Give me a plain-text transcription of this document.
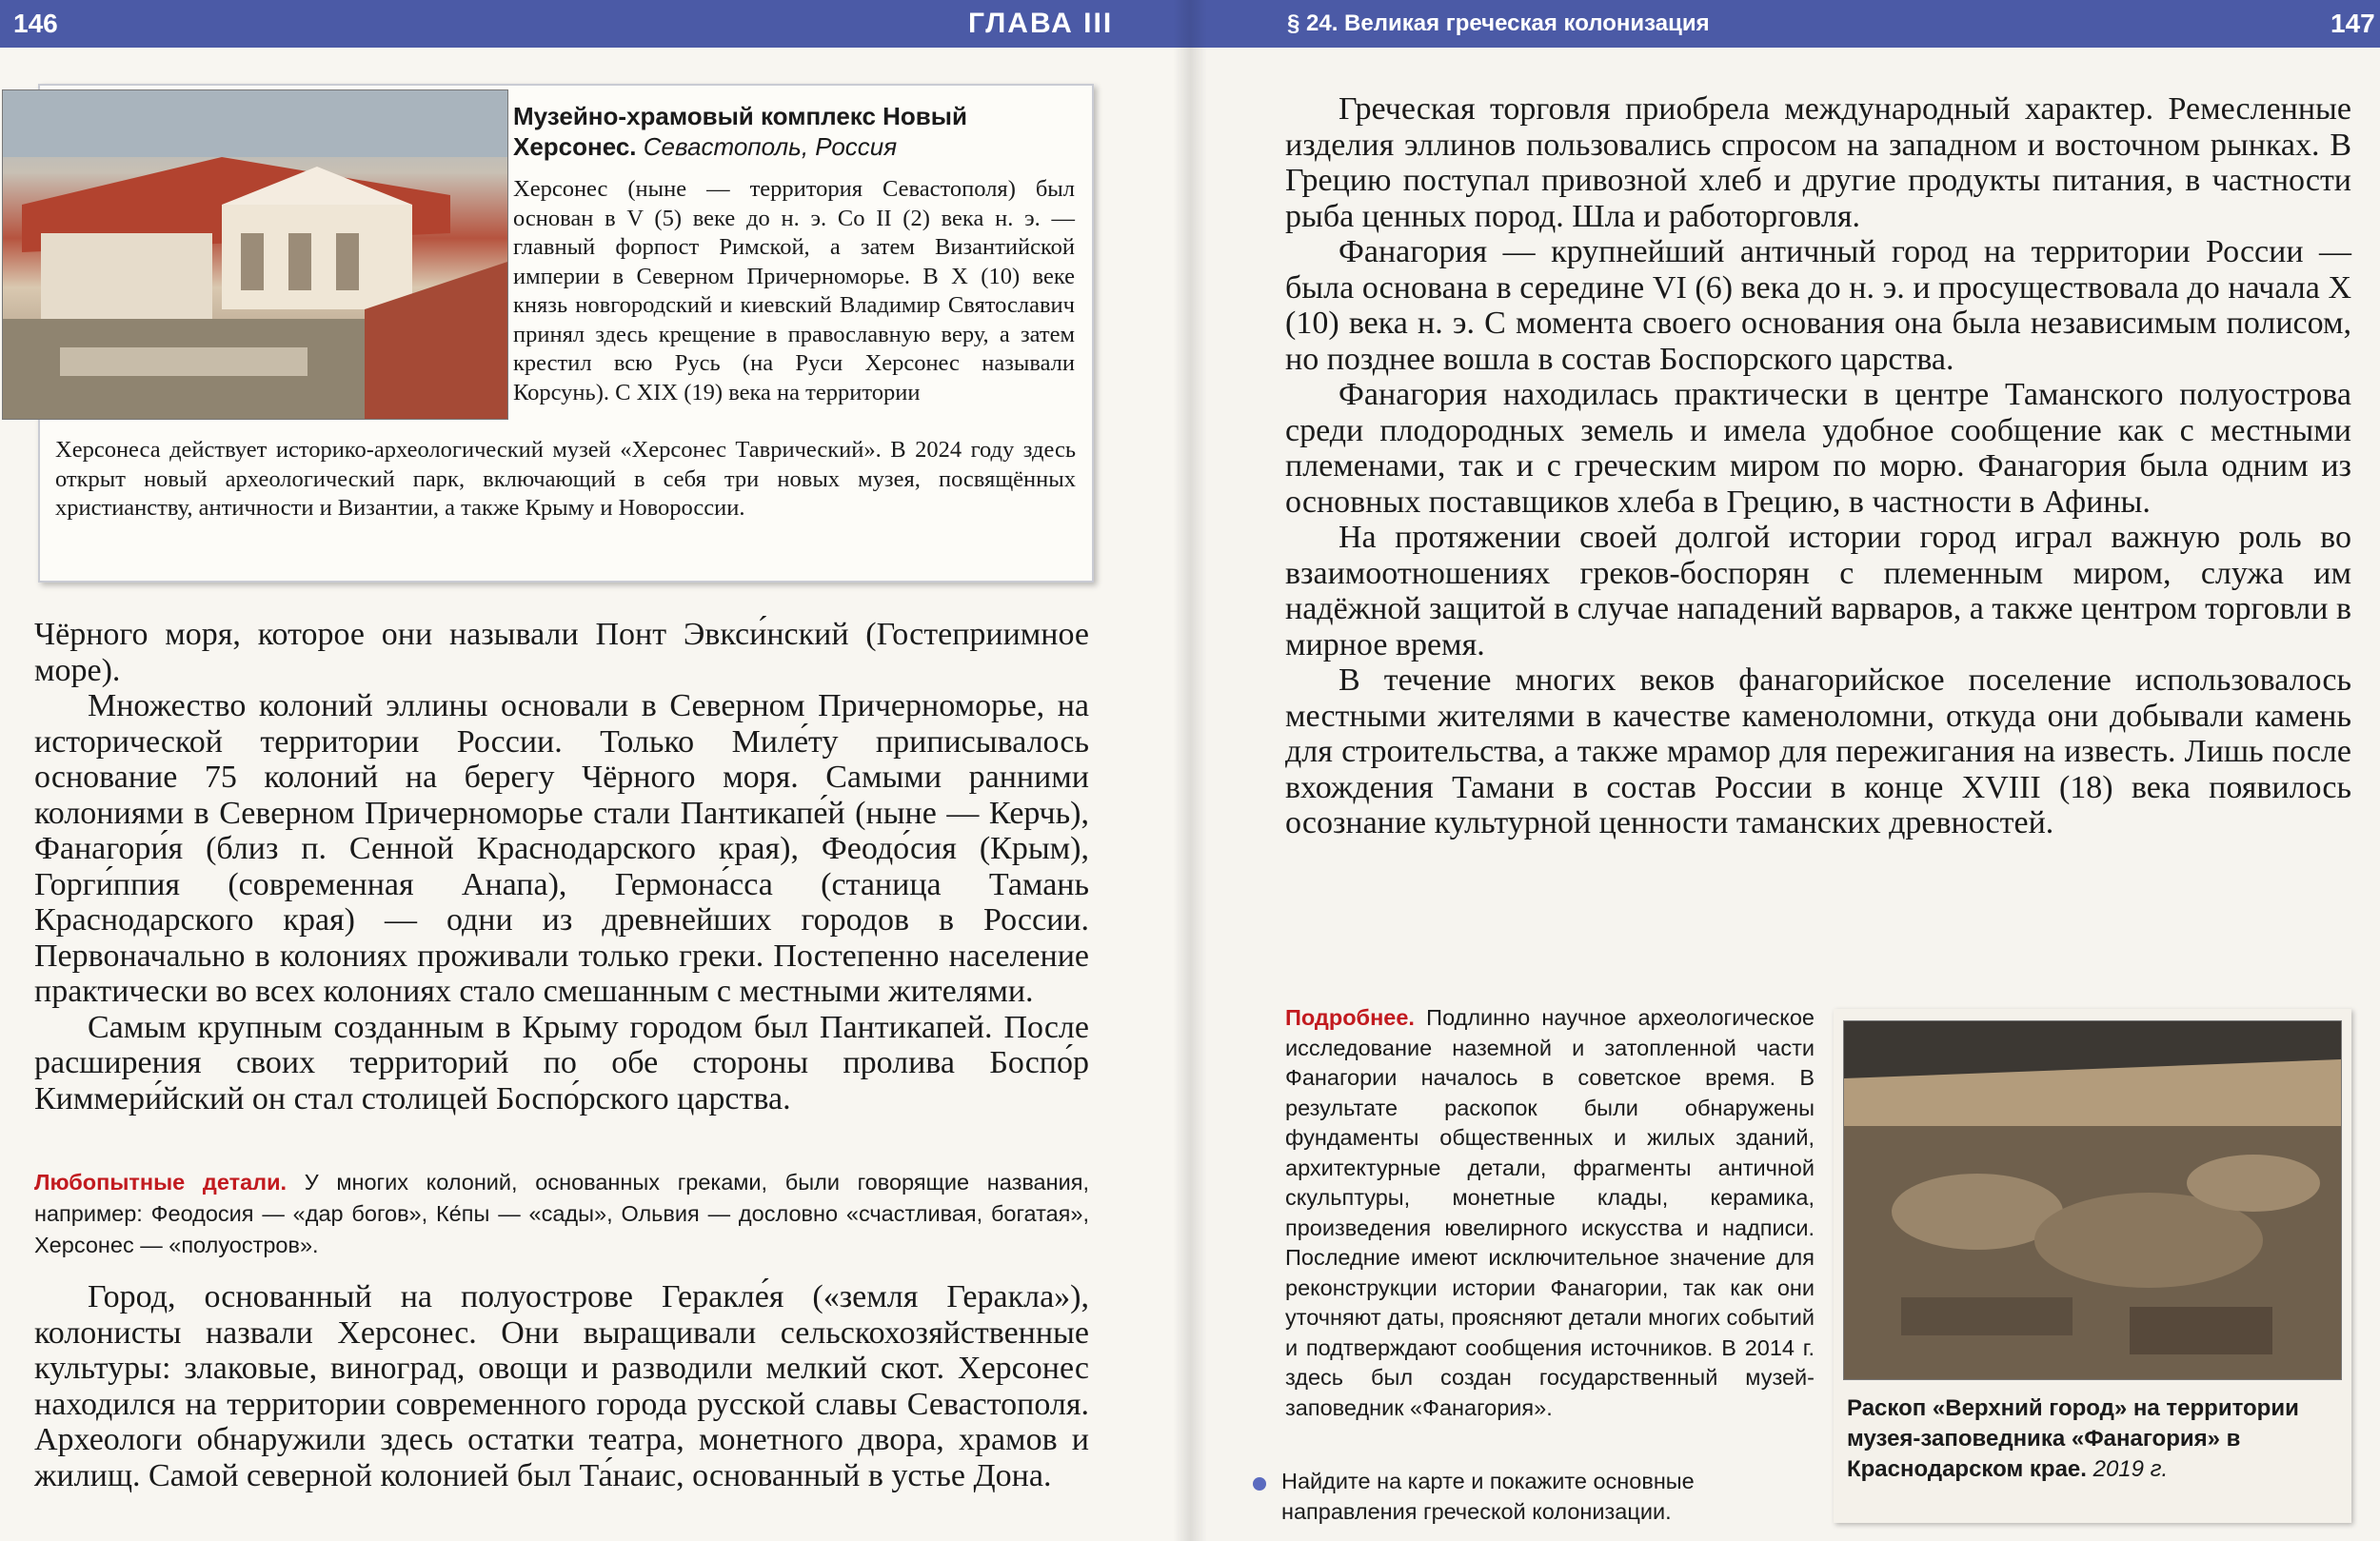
146	ГЛАВА III
Музейно-храмовый комплекс Новый Херсонес. Севастополь, Россия
Херсонес (ныне — территория Севастополя) был основан в V (5) веке до н. э. Со II (2) века н. э. — главный форпост Римской, а затем Византийской империи в Северном Причерноморье. В X (10) веке князь новгородский и киевский Владимир Святославич принял здесь крещение в православную веру, а затем крестил всю Русь (на Руси Херсонес называли Корсунь). С XIX (19) века на территории
Херсонеса действует историко-археологический музей «Херсонес Таврический». В 2024 году здесь открыт новый археологический парк, включающий в себя три новых музея, посвящённых христианству, античности и Византии, а также Крыму и Новороссии.

Чёрного моря, которое они называли Понт Эвкси́нский (Гостеприимное море).

Множество колоний эллины основали в Северном Причерноморье, на исторической территории России. Только Миле́ту приписывалось основание 75 колоний на берегу Чёрного моря. Самыми ранними колониями в Северном Причерноморье стали Пантикапе́й (ныне — Керчь), Фанагори́я (близ п. Сенной Краснодарского края), Феодо́сия (Крым), Горги́ппия (современная Анапа), Гермона́сса (станица Тамань Краснодарского края) — одни из древнейших городов в России. Первоначально в колониях проживали только греки. Постепенно население практически во всех колониях стало смешанным с местными жителями.

Самым крупным созданным в Крыму городом был Пантикапей. После расширения своих территорий по обе стороны пролива Боспо́р Киммери́йский он стал столицей Боспо́рского царства.

Любопытные детали. У многих колоний, основанных греками, были говорящие названия, например: Феодосия — «дар богов», Ке́пы — «сады», Ольвия — дословно «счастливая, богатая», Херсонес — «полуостров».

Город, основанный на полуострове Геракле́я («земля Геракла»), колонисты назвали Херсонес. Они выращивали сельскохозяйственные культуры: злаковые, виноград, овощи и разводили мелкий скот. Херсонес находился на территории современного города русской славы Севастополя. Археологи обнаружили здесь остатки театра, монетного двора, храмов и жилищ. Самой северной колонией был Та́наис, основанный в устье Дона.

§ 24. Великая греческая колонизация	147

Греческая торговля приобрела международный характер. Ремесленные изделия эллинов пользовались спросом на западном и восточном рынках. В Грецию поступал привозной хлеб и другие продукты питания, в частности рыба ценных пород. Шла и работорговля.

Фанагория — крупнейший античный город на территории России — была основана в середине VI (6) века до н. э. и просуществовала до начала X (10) века н. э. С момента своего основания она была независимым полисом, но позднее вошла в состав Боспорского царства.

Фанагория находилась практически в центре Таманского полуострова среди плодородных земель и имела удобное сообщение как с местными племенами, так и с греческим миром по морю. Фанагория была одним из основных поставщиков хлеба в Грецию, в частности в Афины.

На протяжении своей долгой истории город играл важную роль во взаимоотношениях греков-боспорян с племенным миром, служа им надёжной защитой в случае нападений варваров, а также центром торговли в мирное время.

В течение многих веков фанагорийское поселение использовалось местными жителями в качестве каменоломни, откуда они добывали камень для строительства, а также мрамор для пережигания на известь. Лишь после вхождения Тамани в состав России в конце XVIII (18) века появилось осознание культурной ценности таманских древностей.

Подробнее. Подлинно научное археологическое исследование наземной и затопленной части Фанагории началось в советское время. В результате раскопок были обнаружены фундаменты общественных и жилых зданий, архитектурные детали, фрагменты античной скульптуры, монетные клады, керамика, произведения ювелирного искусства и надписи. Последние имеют исключительное значение для реконструкции истории Фанагории, так как они уточняют даты, проясняют детали многих событий и подтверждают сообщения источников. В 2014 г. здесь был создан государственный музей-заповедник «Фанагория».	Раскоп «Верхний город» на территории музея-заповедника «Фанагория» в Краснодарском крае. 2019 г.
Найдите на карте и покажите основные направления греческой колонизации.
